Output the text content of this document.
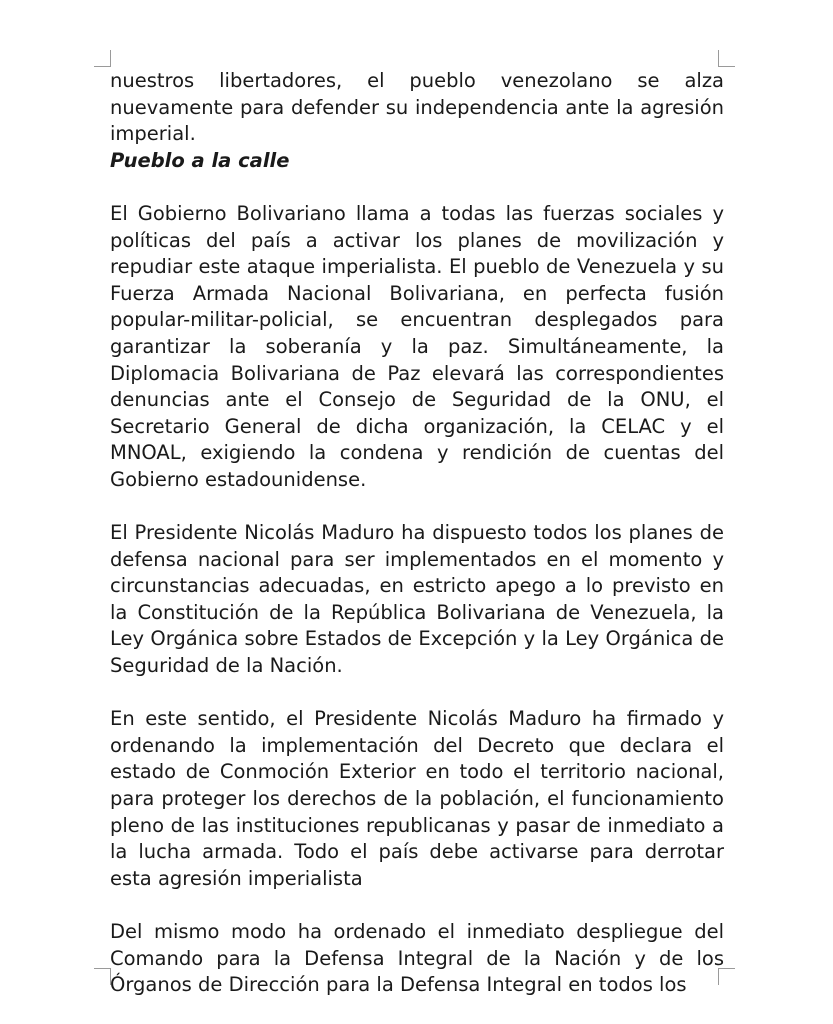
nuestros libertadores, el pueblo venezolano se alza nuevamente para defender su independencia ante la agresión imperial.

Pueblo a la calle

El Gobierno Bolivariano llama a todas las fuerzas sociales y políticas del país a activar los planes de movilización y repudiar este ataque imperialista. El pueblo de Venezuela y su Fuerza Armada Nacional Bolivariana, en perfecta fusión popular-militar-policial, se encuentran desplegados para garantizar la soberanía y la paz. Simultáneamente, la Diplomacia Bolivariana de Paz elevará las correspondientes denuncias ante el Consejo de Seguridad de la ONU, el Secretario General de dicha organización, la CELAC y el MNOAL, exigiendo la condena y rendición de cuentas del Gobierno estadounidense.

El Presidente Nicolás Maduro ha dispuesto todos los planes de defensa nacional para ser implementados en el momento y circunstancias adecuadas, en estricto apego a lo previsto en la Constitución de la República Bolivariana de Venezuela, la Ley Orgánica sobre Estados de Excepción y la Ley Orgánica de Seguridad de la Nación.

En este sentido, el Presidente Nicolás Maduro ha firmado y ordenando la implementación del Decreto que declara el estado de Conmoción Exterior en todo el territorio nacional, para proteger los derechos de la población, el funcionamiento pleno de las instituciones republicanas y pasar de inmediato a la lucha armada. Todo el país debe activarse para derrotar esta agresión imperialista

Del mismo modo ha ordenado el inmediato despliegue del Comando para la Defensa Integral de la Nación y de los Órganos de Dirección para la Defensa Integral en todos los
